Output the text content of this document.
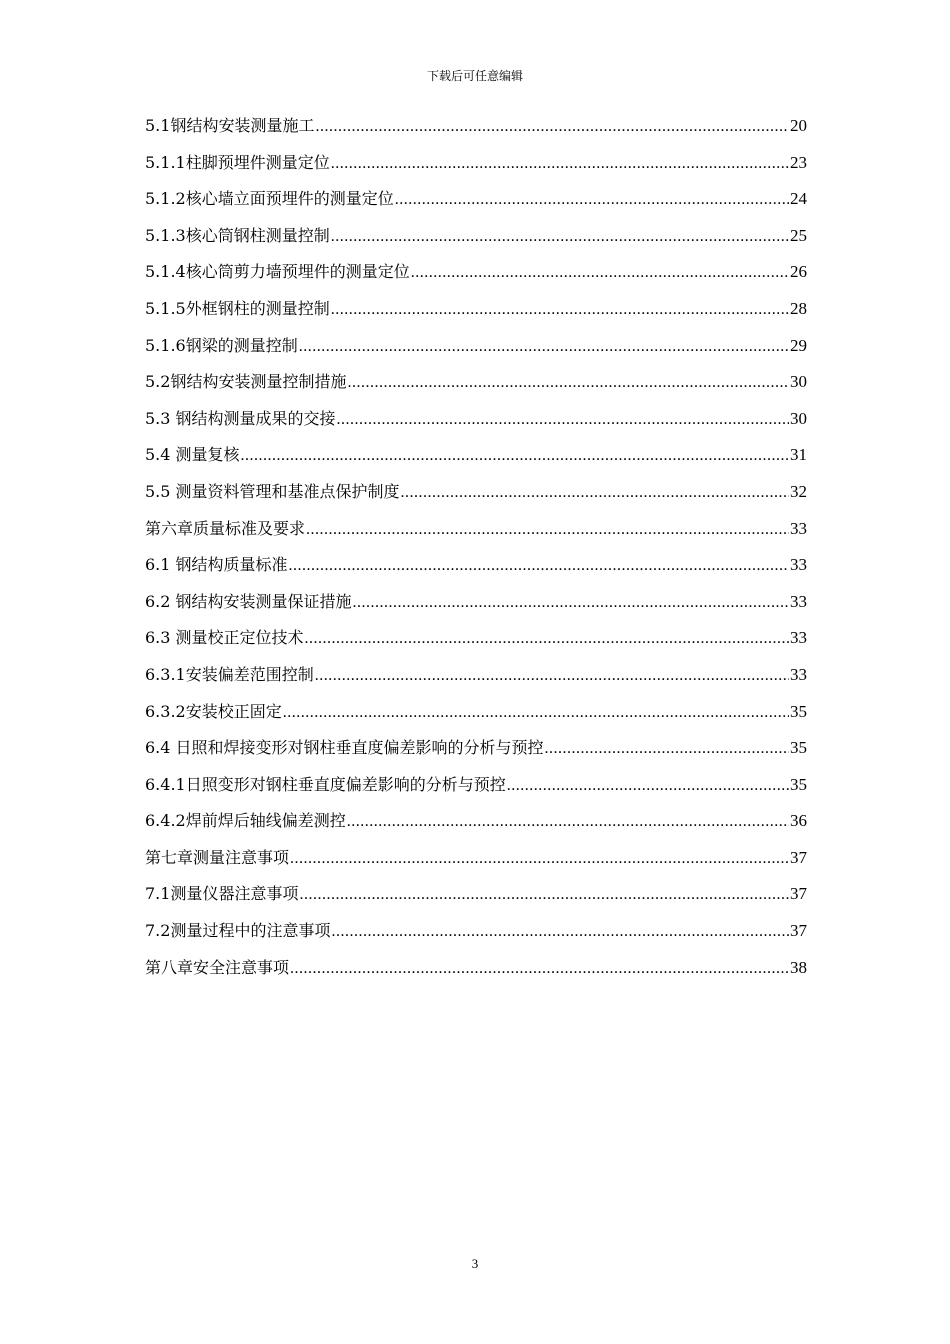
下载后可任意编辑
5.1钢结构安装测量施工 .....	20
5.1.1柱脚预埋件测量定位 .....	23
5.1.2核心墙立面预埋件的测量定位 .....	24
5.1.3核心筒钢柱测量控制 .....	25
5.1.4核心筒剪力墙预埋件的测量定位 .....	26
5.1.5外框钢柱的测量控制 .....	28
5.1.6钢梁的测量控制 .....	29
5.2钢结构安装测量控制措施 .....	30
5.3 钢结构测量成果的交接 .....	30
5.4 测量复核 .....	31
5.5 测量资料管理和基准点保护制度 .....	32
第六章质量标准及要求 .....	33
6.1 钢结构质量标准 .....	33
6.2 钢结构安装测量保证措施 .....	33
6.3 测量校正定位技术 .....	33
6.3.1安装偏差范围控制 .....	33
6.3.2安装校正固定 .....	35
6.4 日照和焊接变形对钢柱垂直度偏差影响的分析与预控 .....	35
6.4.1日照变形对钢柱垂直度偏差影响的分析与预控 .....	35
6.4.2焊前焊后轴线偏差测控 .....	36
第七章测量注意事项 .....	37
7.1测量仪器注意事项 .....	37
7.2测量过程中的注意事项 .....	37
第八章安全注意事项 .....	38
3
